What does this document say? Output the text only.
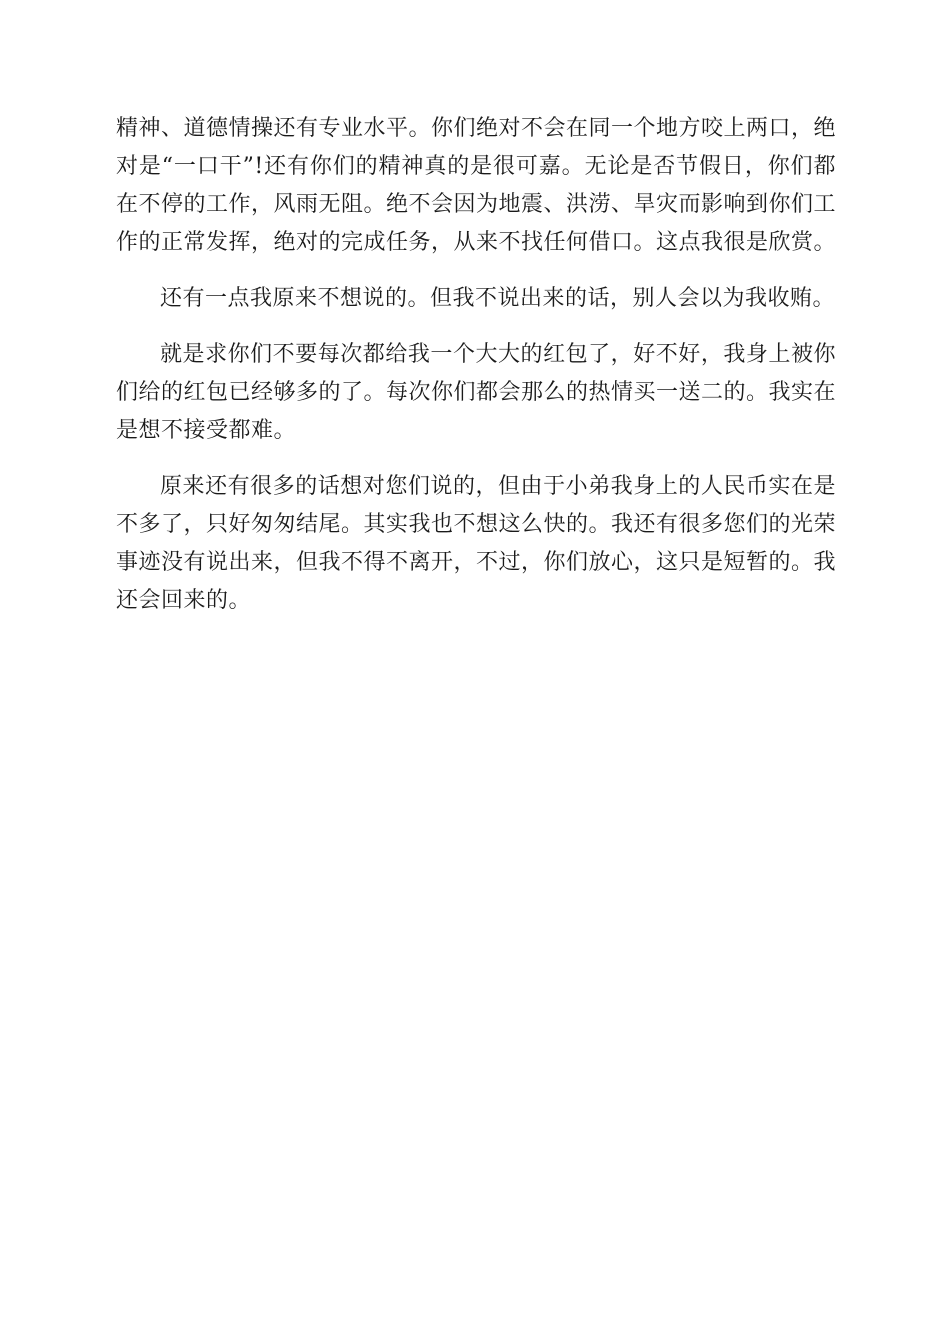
精神、道德情操还有专业水平。你们绝对不会在同一个地方咬上两口，绝对是“一口干”!还有你们的精神真的是很可嘉。无论是否节假日，你们都在不停的工作，风雨无阻。绝不会因为地震、洪涝、旱灾而影响到你们工作的正常发挥，绝对的完成任务，从来不找任何借口。这点我很是欣赏。

还有一点我原来不想说的。但我不说出来的话，别人会以为我收贿。

就是求你们不要每次都给我一个大大的红包了，好不好，我身上被你们给的红包已经够多的了。每次你们都会那么的热情买一送二的。我实在是想不接受都难。

原来还有很多的话想对您们说的，但由于小弟我身上的人民币实在是不多了，只好匆匆结尾。其实我也不想这么快的。我还有很多您们的光荣事迹没有说出来，但我不得不离开，不过，你们放心，这只是短暂的。我还会回来的。
